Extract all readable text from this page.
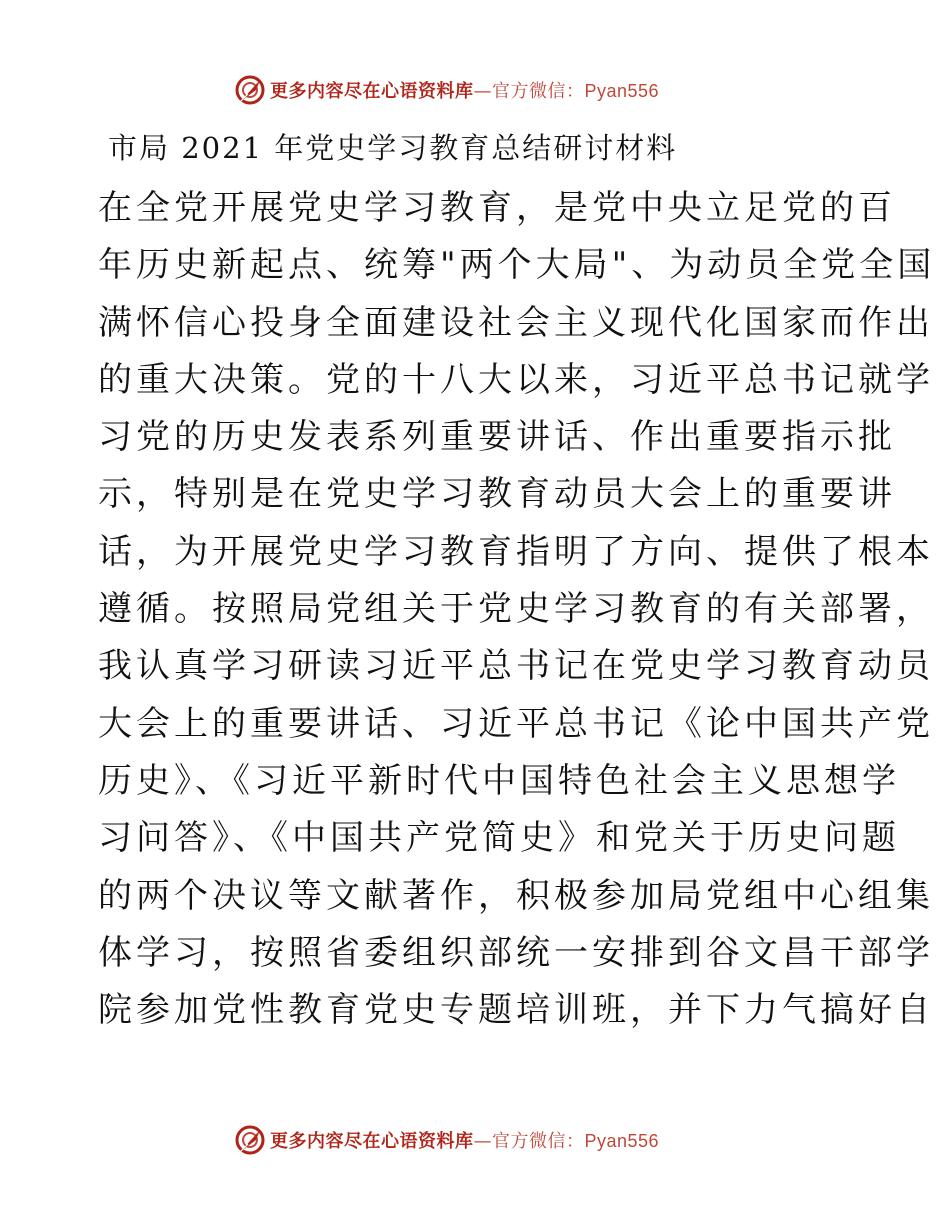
更多内容尽在心语资料库—官方微信：Pyan556
市局 2021 年党史学习教育总结研讨材料
在全党开展党史学习教育，是党中央立足党的百
年历史新起点、统筹"两个大局"、为动员全党全国
满怀信心投身全面建设社会主义现代化国家而作出
的重大决策。党的十八大以来，习近平总书记就学
习党的历史发表系列重要讲话、作出重要指示批
示，特别是在党史学习教育动员大会上的重要讲
话，为开展党史学习教育指明了方向、提供了根本
遵循。按照局党组关于党史学习教育的有关部署，
我认真学习研读习近平总书记在党史学习教育动员
大会上的重要讲话、习近平总书记《论中国共产党
历史》、《习近平新时代中国特色社会主义思想学
习问答》、《中国共产党简史》和党关于历史问题
的两个决议等文献著作，积极参加局党组中心组集
体学习，按照省委组织部统一安排到谷文昌干部学
院参加党性教育党史专题培训班，并下力气搞好自
更多内容尽在心语资料库—官方微信：Pyan556
